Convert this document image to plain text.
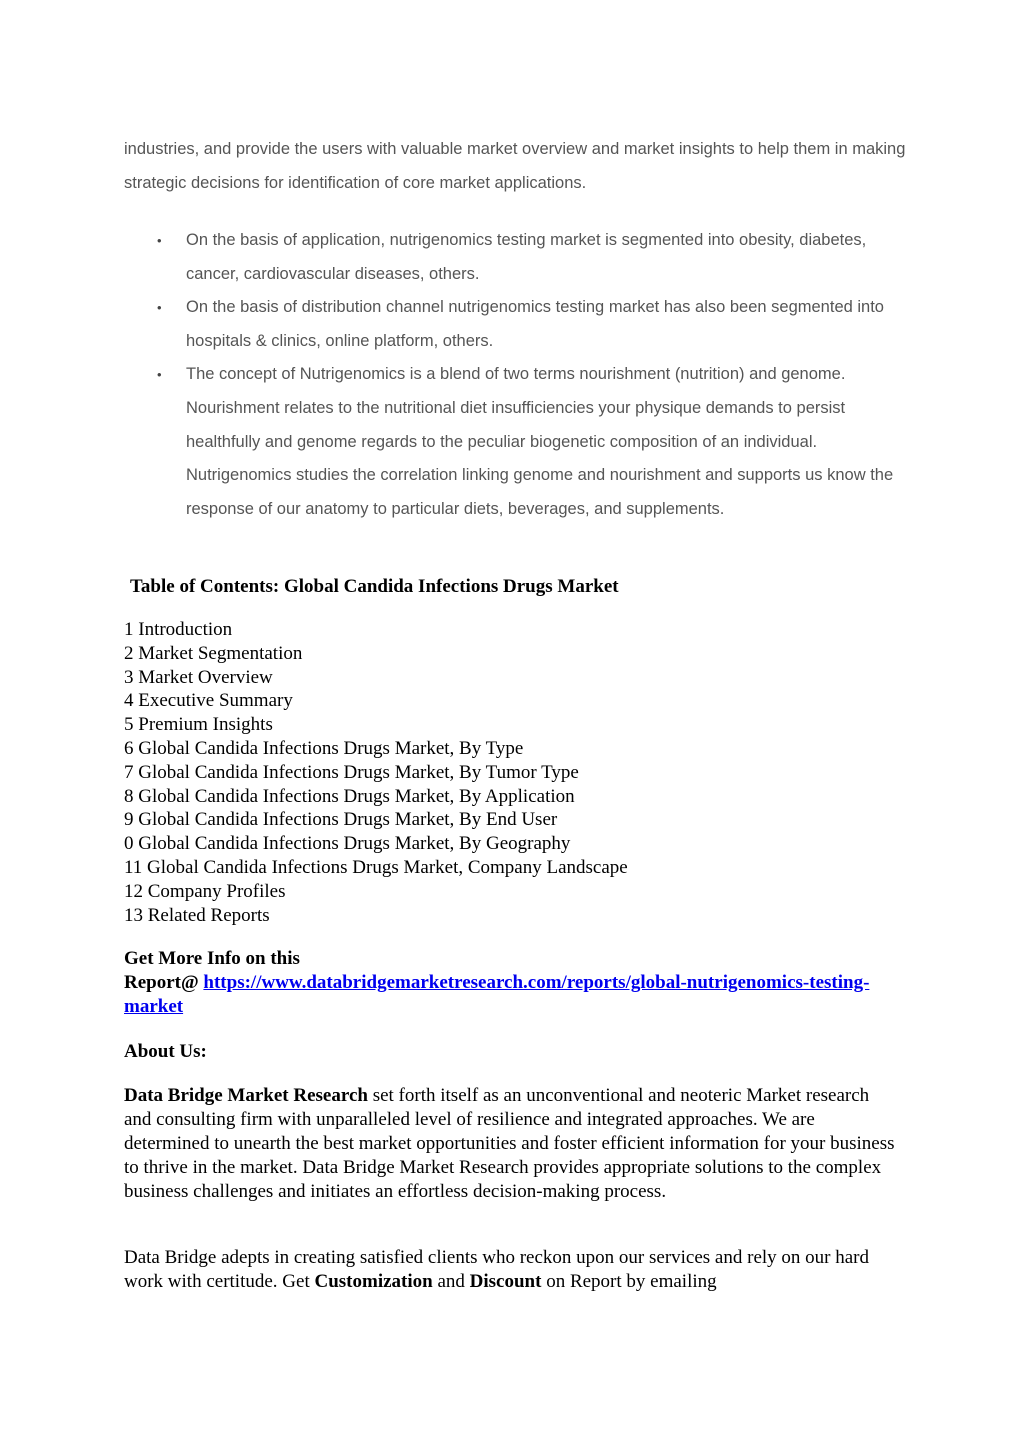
industries, and provide the users with valuable market overview and market insights to help them in making strategic decisions for identification of core market applications.

• On the basis of application, nutrigenomics testing market is segmented into obesity, diabetes, cancer, cardiovascular diseases, others.
• On the basis of distribution channel nutrigenomics testing market has also been segmented into hospitals & clinics, online platform, others.
• The concept of Nutrigenomics is a blend of two terms nourishment (nutrition) and genome. Nourishment relates to the nutritional diet insufficiencies your physique demands to persist healthfully and genome regards to the peculiar biogenetic composition of an individual. Nutrigenomics studies the correlation linking genome and nourishment and supports us know the response of our anatomy to particular diets, beverages, and supplements.
Table of Contents: Global Candida Infections Drugs Market
1 Introduction
2 Market Segmentation
3 Market Overview
4 Executive Summary
5 Premium Insights
6 Global Candida Infections Drugs Market, By Type
7 Global Candida Infections Drugs Market, By Tumor Type
8 Global Candida Infections Drugs Market, By Application
9 Global Candida Infections Drugs Market, By End User
0 Global Candida Infections Drugs Market, By Geography
11 Global Candida Infections Drugs Market, Company Landscape
12 Company Profiles
13 Related Reports

Get More Info on this
Report@ https://www.databridgemarketresearch.com/reports/global-nutrigenomics-testing-market

About Us:

Data Bridge Market Research set forth itself as an unconventional and neoteric Market research and consulting firm with unparalleled level of resilience and integrated approaches. We are determined to unearth the best market opportunities and foster efficient information for your business to thrive in the market. Data Bridge Market Research provides appropriate solutions to the complex business challenges and initiates an effortless decision-making process.

Data Bridge adepts in creating satisfied clients who reckon upon our services and rely on our hard work with certitude. Get Customization and Discount on Report by emailing
